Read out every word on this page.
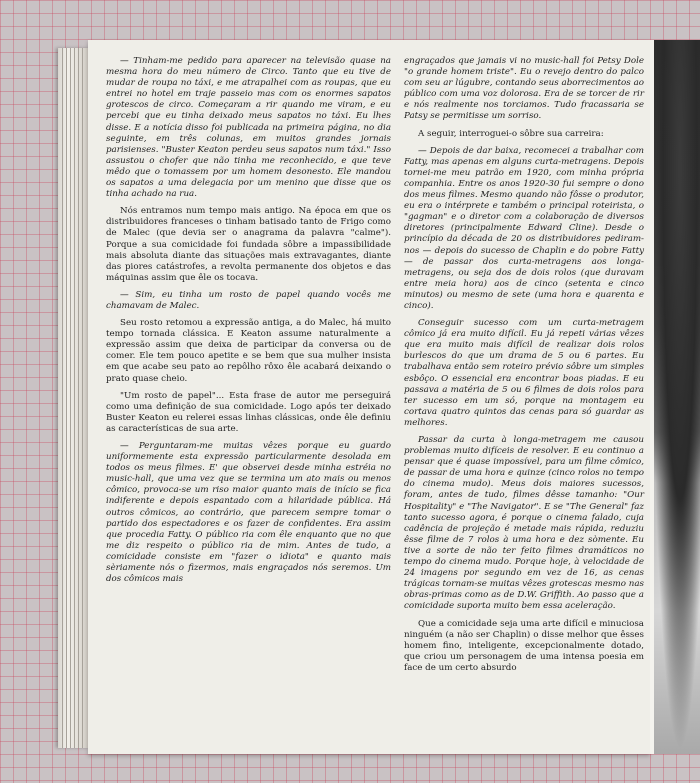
— Tinham-me pedido para aparecer na televisão quase na mesma hora do meu número de Circo. Tanto que eu tive de mudar de roupa no táxi, e me atrapalhei com as roupas, que eu entrei no hotel em traje passeio mas com os enormes sapatos grotescos de circo. Começaram a rir quando me viram, e eu percebi que eu tinha deixado meus sapatos no táxi. Eu lhes disse. E a notícia disso foi publicada na primeira página, no dia seguinte, em três colunas, em muitos grandes jornais parisienses. "Buster Keaton perdeu seus sapatos num táxi." Isso assustou o chofer que não tinha me reconhecido, e que teve mêdo que o tomassem por um homem desonesto. Ele mandou os sapatos a uma delegacia por um menino que disse que os tinha achado na rua.

Nós entramos num tempo mais antigo. Na época em que os distribuidores franceses o tinham batisado tanto de Frigo como de Malec (que devia ser o anagrama da palavra "calme"). Porque a sua comicidade foi fundada sôbre a impassibilidade mais absoluta diante das situações mais extravagantes, diante das piores catástrofes, a revolta permanente dos objetos e das máquinas assim que êle os tocava.

— Sim, eu tinha um rosto de papel quando vocês me chamavam de Malec.

Seu rosto retomou a expressão antiga, a do Malec, há muito tempo tornada clássica. E Keaton assume naturalmente a expressão assim que deixa de participar da conversa ou de comer. Ele tem pouco apetite e se bem que sua mulher insista em que acabe seu pato ao repôlho rôxo êle acabará deixando o prato quase cheio.

"Um rosto de papel"... Esta frase de autor me perseguirá como uma definição de sua comicidade. Logo após ter deixado Buster Keaton eu relerei essas linhas clássicas, onde êle definiu as características de sua arte.

— Perguntaram-me muitas vêzes porque eu guardo uniformemente esta expressão particularmente desolada em todos os meus filmes. E' que observei desde minha estréia no music-hall, que uma vez que se termina um ato mais ou menos cômico, provoca-se um riso maior quanto mais de início se fica indiferente e depois espantado com a hilaridade pública. Há outros cômicos, ao contrário, que parecem sempre tomar o partido dos espectadores e os fazer de confidentes. Era assim que procedia Fatty. O público ria com êle enquanto que no que me diz respeito o público ria de mim. Antes de tudo, a comicidade consiste em "fazer o idiota" e quanto mais sèriamente nós o fizermos, mais engraçados nós seremos. Um dos cômicos mais

engraçados que jamais vi no music-hall foi Petsy Dole "o grande homem triste". Eu o revejo dentro do palco com seu ar lúgubre, contando seus aborrecimentos ao público com uma voz dolorosa. Era de se torcer de rir e nós realmente nos torciamos. Tudo fracassaria se Patsy se permitisse um sorriso.

A seguir, interroguei-o sôbre sua carreira:

— Depois de dar baixa, recomecei a trabalhar com Fatty, mas apenas em alguns curta-metragens. Depois tornei-me meu patrão em 1920, com minha própria companhia. Entre os anos 1920-30 fui sempre o dono dos meus filmes. Mesmo quando não fôsse o produtor, eu era o intérprete e também o principal roteirista, o "gagman" e o diretor com a colaboração de diversos diretores (principalmente Edward Cline). Desde o princípio da década de 20 os distribuidores pediram-nos — depois do sucesso de Chaplin e do pobre Fatty — de passar dos curta-metragens aos longa-metragens, ou seja dos de dois rolos (que duravam entre meia hora) aos de cinco (setenta e cinco minutos) ou mesmo de sete (uma hora e quarenta e cinco).

Conseguir sucesso com um curta-metragem cômico já era muito difícil. Eu já repeti várias vêzes que era muito mais difícil de realizar dois rolos burlescos do que um drama de 5 ou 6 partes. Eu trabalhava então sem roteiro prévio sôbre um simples esbôço. O essencial era encontrar boas piadas. E eu passava a matéria de 5 ou 6 filmes de dois rolos para ter sucesso em um só, porque na montagem eu cortava quatro quintos das cenas para só guardar as melhores.

Passar da curta à longa-metragem me causou problemas muito difíceis de resolver. E eu continuo a pensar que é quase impossível, para um filme cômico, de passar de uma hora e quinze (cinco rolos no tempo do cinema mudo). Meus dois maiores sucessos, foram, antes de tudo, filmes dêsse tamanho: "Our Hospitality" e "The Navigator". E se "The General" faz tanto sucesso agora, é porque o cinema falado, cuja cadência de projeção é metade mais rápida, reduziu êsse filme de 7 rolos à uma hora e dez sòmente. Eu tive a sorte de não ter feito filmes dramáticos no tempo do cinema mudo. Porque hoje, à velocidade de 24 imagens por segundo em vez de 16, as cenas trágicas tornam-se muitas vêzes grotescas mesmo nas obras-primas como as de D.W. Griffith. Ao passo que a comicidade suporta muito bem essa aceleração.

Que a comicidade seja uma arte difícil e minuciosa ninguém (a não ser Chaplin) o disse melhor que êsses homem fino, inteligente, excepcionalmente dotado, que criou um personagem de uma intensa poesia em face de um certo absurdo
